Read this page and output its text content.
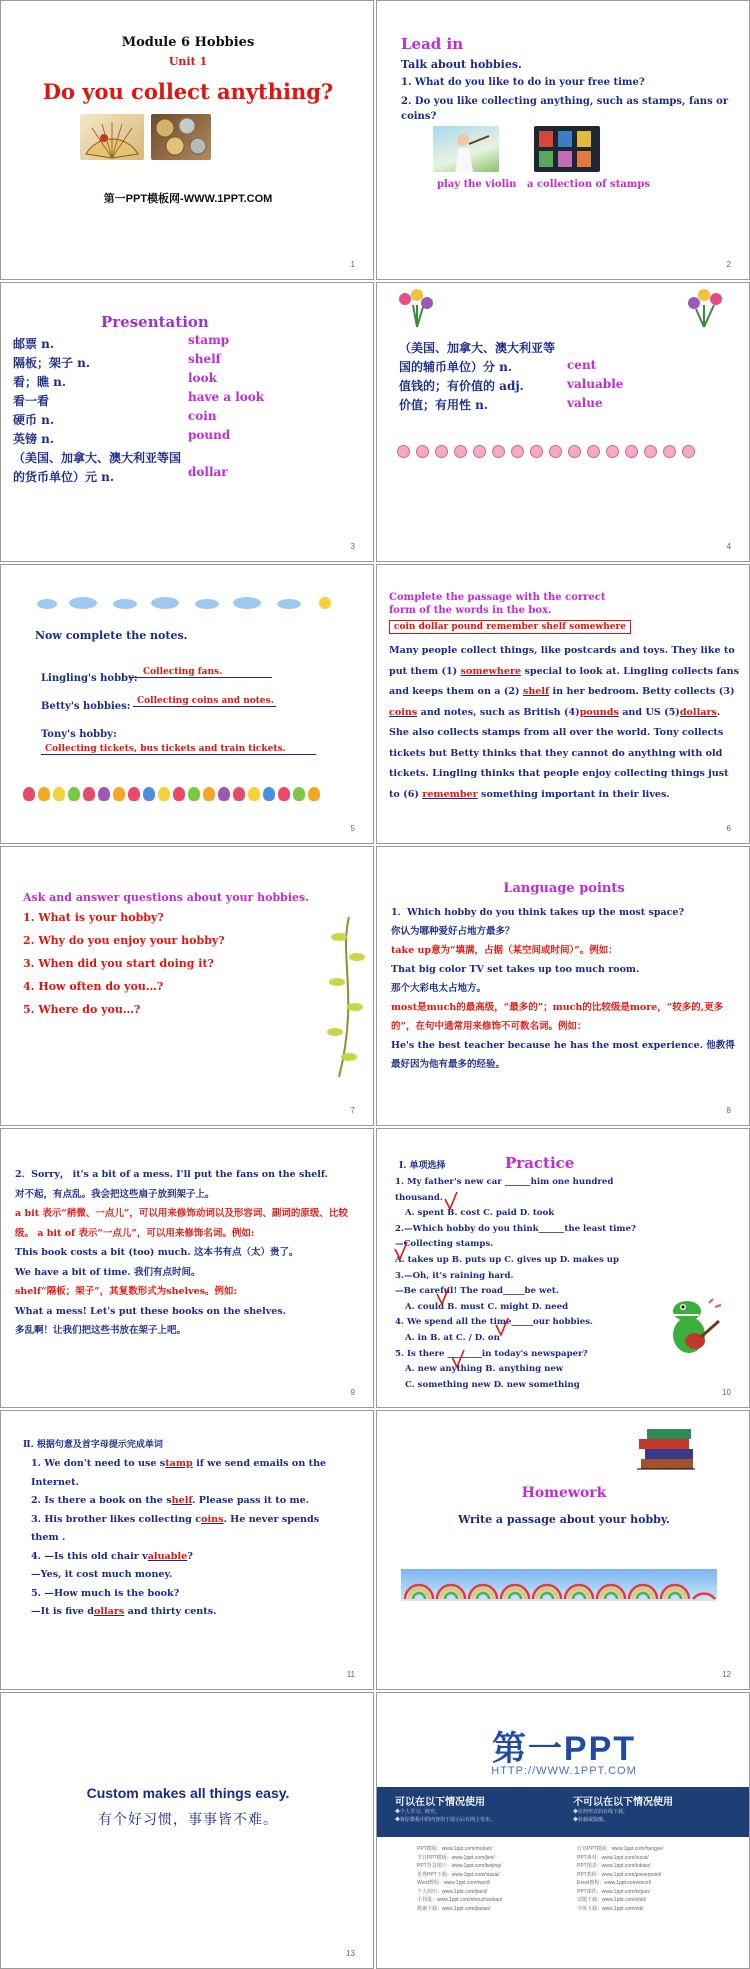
Module 6 Hobbies
Unit 1
Do you collect anything?
第一PPT模板网-WWW.1PPT.COM
1
Lead in
Talk about hobbies.
1. What do you like to do in your free time?
2. Do you like collecting anything, such as stamps, fans or coins?
play the violin a collection of stamps
2
Presentation
邮票 n.
隔板；架子 n.
看；瞧 n.
看一看
硬币 n.
英镑 n.
（美国、加拿大、澳大利亚等国的货币单位）元 n.
stamp
shelf
look
have a look
coin
pound
dollar
3
（美国、加拿大、澳大利亚等国的辅币单位）分 n.
值钱的；有价值的 adj.
价值；有用性 n.
cent
valuable
value
4
Now complete the notes.
Lingling's hobby:
Collecting fans.
Betty's hobbies: Collecting coins and notes.
Tony's hobby:
Collecting tickets, bus tickets and train tickets.
5
Complete the passage with the correct form of the words in the box.
coin dollar pound remember shelf somewhere
Many people collect things, like postcards and toys. They like to put them (1) somewhere special to look at. Lingling collects fans and keeps them on a (2) shelf in her bedroom. Betty collects (3) coins and notes, such as British (4)pounds and US (5)dollars. She also collects stamps from all over the world. Tony collects tickets but Betty thinks that they cannot do anything with old tickets. Lingling thinks that people enjoy collecting things just to (6) remember something important in their lives.
6
Ask and answer questions about your hobbies.
1. What is your hobby?
2. Why do you enjoy your hobby?
3. When did you start doing it?
4. How often do you…?
5. Where do you…?
7
Language points
1．Which hobby do you think takes up the most space?
你认为哪种爱好占地方最多？
take up意为“填满，占据（某空间或时间）”。例如：
That big color TV set takes up too much room.
那个大彩电太占地方。
most是much的最高级，“最多的”；much的比较级是more，“较多的,更多的”，在句中通常用来修饰不可数名词。例如：
He's the best teacher because he has the most experience. 他教得最好因为他有最多的经验。
8
2．Sorry， it's a bit of a mess. I'll put the fans on the shelf.
对不起，有点乱。我会把这些扇子放到架子上。
a bit 表示“稍微、一点儿”，可以用来修饰动词以及形容词、副词的原级、比较级。 a bit of 表示“一点儿”，可以用来修饰名词。例如:
This book costs a bit (too) much. 这本书有点（太）贵了。
We have a bit of time. 我们有点时间。
shelf“隔板；架子”，其复数形式为shelves。例如:
What a mess! Let's put these books on the shelves.
多乱啊！让我们把这些书放在架子上吧。
9
Ⅰ. 单项选择	Practice
1. My father's new car ______him one hundred thousand.
A. spent B. cost C. paid D. took
2.—Which hobby do you think______the least time?
—Collecting stamps.
A. takes up B. puts up C. gives up D. makes up
3.—Oh, it's raining hard.
—Be careful! The road_____be wet.
A. could B. must C. might D. need
4. We spend all the time_____our hobbies.
A. in B. at C. / D. on
5. Is there ________in today's newspaper?
A. new anything B. anything new
C. something new D. new something
10
Ⅱ. 根据句意及首字母提示完成单词
1. We don't need to use stamp if we send emails on the Internet.
2. Is there a book on the shelf. Please pass it to me.
3. His brother likes collecting coins. He never spends them .
4. —Is this old chair valuable?
—Yes, it cost much money.
5. —How much is the book?
—It is five dollars and thirty cents.
11
Homework
Write a passage about your hobby.
12
Custom makes all things easy.
有个好习惯，事事皆不难。
13
第一PPT
HTTP://WWW.1PPT.COM
可以在以下情况使用
◆个人学习、研究。
◆将原模板中的内容用于展示后在网上发布。
不可以在以下情况使用
◆任何形式的在线下载。
◆转载或镜像。
PPT模板：www.1ppt.com/moban/
节日PPT模板：www.1ppt.com/jieri/
PPT背景图片：www.1ppt.com/beijing/
优秀PPT下载：www.1ppt.com/xiazai/
Word教程：www.1ppt.com/word/
个人简历：www.1ppt.com/jianli/
手抄报：www.1ppt.com/shouchaobao/
教案下载：www.1ppt.com/jiaoan/
行业PPT模板：www.1ppt.com/hangye/
PPT素材：www.1ppt.com/sucai/
PPT图表：www.1ppt.com/tubiao/
PPT教程：www.1ppt.com/powerpoint/
Excel教程：www.1ppt.com/excel/
PPT课件：www.1ppt.com/kejian/
试题下载：www.1ppt.com/shiti/
字体下载：www.1ppt.com/ziti/
